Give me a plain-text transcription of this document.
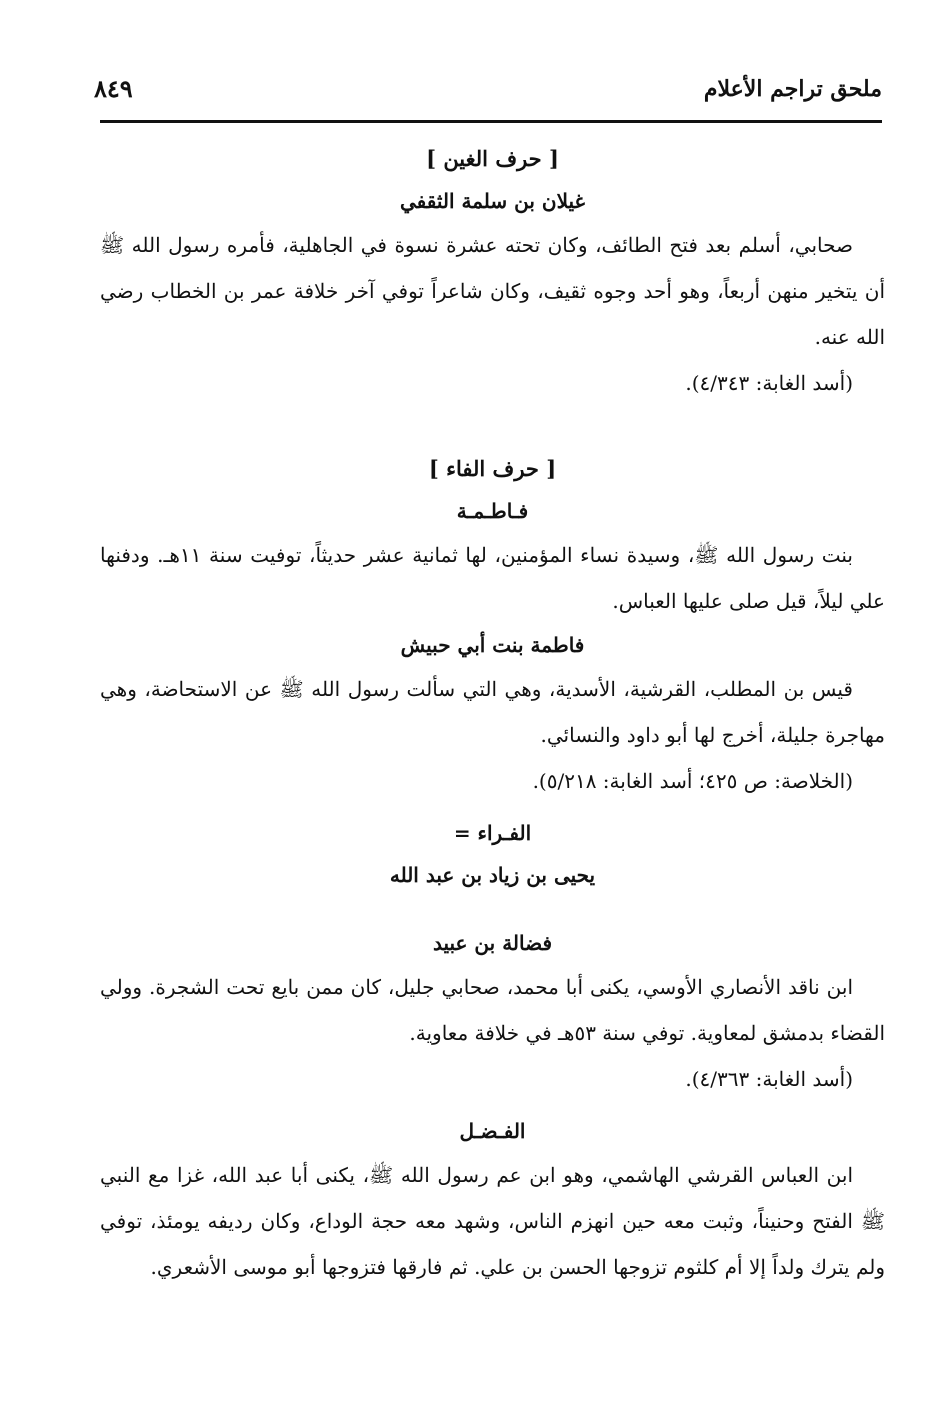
ملحق تراجم الأعلام
٨٤٩
[ حرف الغين ]
غيلان بن سلمة الثقفي

صحابي، أسلم بعد فتح الطائف، وكان تحته عشرة نسوة في الجاهلية، فأمره رسول الله ﷺ أن يتخير منهن أربعاً، وهو أحد وجوه ثقيف، وكان شاعراً توفي آخر خلافة عمر بن الخطاب رضي الله عنه.

(أسد الغابة: ٤/٣٤٣).

[ حرف الفاء ]
فـاطـمـة

بنت رسول الله ﷺ، وسيدة نساء المؤمنين، لها ثمانية عشر حديثاً، توفيت سنة ١١هـ. ودفنها علي ليلاً، قيل صلى عليها العباس.

فاطمة بنت أبي حبيش

قيس بن المطلب، القرشية، الأسدية، وهي التي سألت رسول الله ﷺ عن الاستحاضة، وهي مهاجرة جليلة، أخرج لها أبو داود والنسائي.

(الخلاصة: ص ٤٢٥؛ أسد الغابة: ٥/٢١٨).

الفـراء =
يحيى بن زياد بن عبد الله
فضالة بن عبيد

ابن ناقد الأنصاري الأوسي، يكنى أبا محمد، صحابي جليل، كان ممن بايع تحت الشجرة. وولي القضاء بدمشق لمعاوية. توفي سنة ٥٣هـ في خلافة معاوية.

(أسد الغابة: ٤/٣٦٣).

الفـضـل

ابن العباس القرشي الهاشمي، وهو ابن عم رسول الله ﷺ، يكنى أبا عبد الله، غزا مع النبي ﷺ الفتح وحنيناً، وثبت معه حين انهزم الناس، وشهد معه حجة الوداع، وكان رديفه يومئذ، توفي ولم يترك ولداً إلا أم كلثوم تزوجها الحسن بن علي. ثم فارقها فتزوجها أبو موسى الأشعري.
